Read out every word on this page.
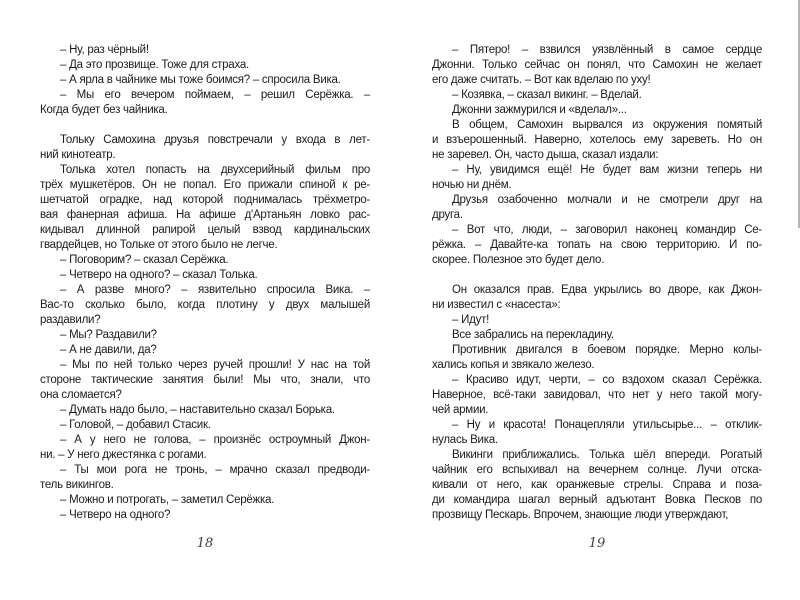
– Ну, раз чёрный!
– Да это прозвище. Тоже для страха.
– А ярла в чайнике мы тоже боимся? – спросила Вика.
– Мы его вечером поймаем, – решил Серёжка. –
Когда будет без чайника.
Тольку Самохина друзья повстречали у входа в лет-
ний кинотеатр.
Толька хотел попасть на двухсерийный фильм про
трёх мушкетёров. Он не попал. Его прижали спиной к ре-
шетчатой оградке, над которой поднималась трёхметро-
вая фанерная афиша. На афише д'Артаньян ловко рас-
кидывал длинной рапирой целый взвод кардинальских
гвардейцев, но Тольке от этого было не легче.
– Поговорим? – сказал Серёжка.
– Четверо на одного? – сказал Толька.
– А разве много? – язвительно спросила Вика. –
Вас-то сколько было, когда плотину у двух малышей
раздавили?
– Мы? Раздавили?
– А не давили, да?
– Мы по ней только через ручей прошли! У нас на той
стороне тактические занятия были! Мы что, знали, что
она сломается?
– Думать надо было, – наставительно сказал Борька.
– Головой, – добавил Стасик.
– А у него не голова, – произнёс остроумный Джон-
ни. – У него джестянка с рогами.
– Ты мои рога не тронь, – мрачно сказал предводи-
тель викингов.
– Можно и потрогать, – заметил Серёжка.
– Четверо на одного?
18
– Пятеро! – взвился уязвлённый в самое сердце
Джонни. Только сейчас он понял, что Самохин не желает
его даже считать. – Вот как вделаю по уху!
– Козявка, – сказал викинг. – Вделай.
Джонни зажмурился и «вделал»...
В общем, Самохин вырвался из окружения помятый
и взъерошенный. Наверно, хотелось ему зареветь. Но он
не заревел. Он, часто дыша, сказал издали:
– Ну, увидимся ещё! Не будет вам жизни теперь ни
ночью ни днём.
Друзья озабоченно молчали и не смотрели друг на
друга.
– Вот что, люди, – заговорил наконец командир Се-
рёжка. – Давайте-ка топать на свою территорию. И по-
скорее. Полезное это будет дело.
Он оказался прав. Едва укрылись во дворе, как Джон-
ни известил с «насеста»:
– Идут!
Все забрались на перекладину.
Противник двигался в боевом порядке. Мерно колы-
хались копья и звякало железо.
– Красиво идут, черти, – со вздохом сказал Серёжка.
Наверное, всё-таки завидовал, что нет у него такой могу-
чей армии.
– Ну и красота! Понацепляли утильсырье... – отклик-
нулась Вика.
Викинги приближались. Толька шёл впереди. Рогатый
чайник его вспыхивал на вечернем солнце. Лучи отска-
кивали от него, как оранжевые стрелы. Справа и поза-
ди командира шагал верный адъютант Вовка Песков по
прозвищу Пескарь. Впрочем, знающие люди утверждают,
19
